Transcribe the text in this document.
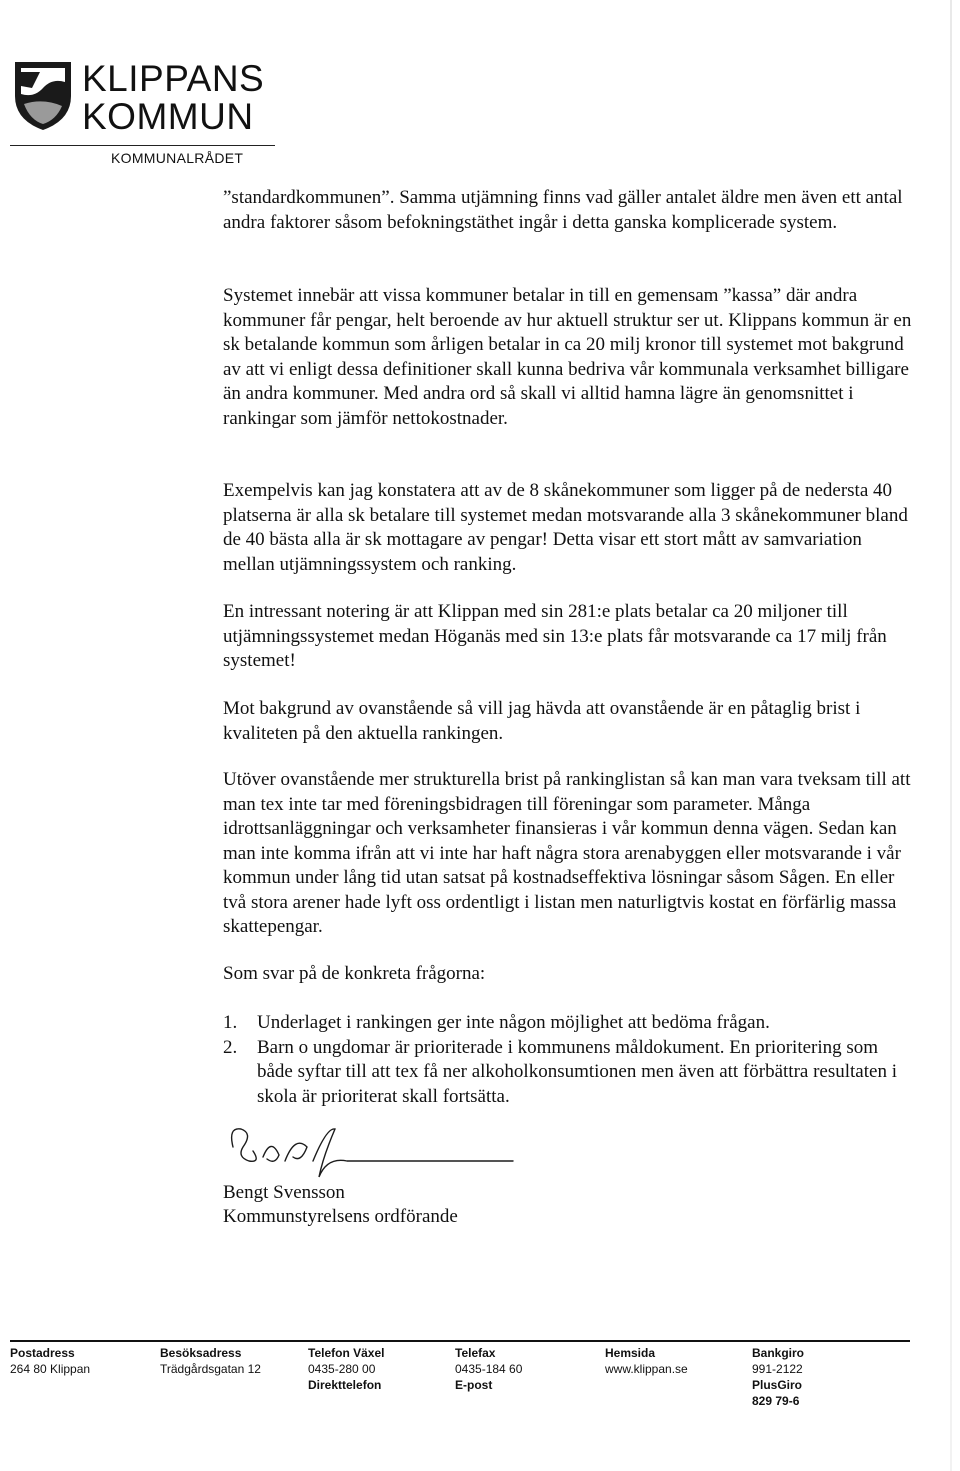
KLIPPANS
KOMMUN
KOMMUNALRÅDET

”standardkommunen”. Samma utjämning finns vad gäller antalet äldre men även ett antal andra faktorer såsom befokningstäthet ingår i detta ganska komplicerade system.

Systemet innebär att vissa kommuner betalar in till en gemensam ”kassa” där andra kommuner får pengar, helt beroende av hur aktuell struktur ser ut. Klippans kommun är en sk betalande kommun som årligen betalar in ca 20 milj kronor till systemet mot bakgrund av att vi enligt dessa definitioner skall kunna bedriva vår kommunala verksamhet billigare än andra kommuner. Med andra ord så skall vi alltid hamna lägre än genomsnittet i rankingar som jämför nettokostnader.

Exempelvis kan jag konstatera att av de 8 skånekommuner som ligger på de nedersta 40 platserna är alla sk betalare till systemet medan motsvarande alla 3 skånekommuner bland de 40 bästa alla är sk mottagare av pengar! Detta visar ett stort mått av samvariation mellan utjämningssystem och ranking.

En intressant notering är att Klippan med sin 281:e plats betalar ca 20 miljoner till utjämningssystemet medan Höganäs med sin 13:e plats får motsvarande ca 17 milj från systemet!

Mot bakgrund av ovanstående så vill jag hävda att ovanstående är en påtaglig brist i kvaliteten på den aktuella rankingen.

Utöver ovanstående mer strukturella brist på rankinglistan så kan man vara tveksam till att man tex inte tar med föreningsbidragen till föreningar som parameter. Många idrottsanläggningar och verksamheter finansieras i vår kommun denna vägen. Sedan kan man inte komma ifrån att vi inte har haft några stora arenabyggen eller motsvarande i vår kommun under lång tid utan satsat på kostnadseffektiva lösningar såsom Sågen. En eller två stora arener hade lyft oss ordentligt i listan men naturligtvis kostat en förfärlig massa skattepengar.

Som svar på de konkreta frågorna:

1. Underlaget i rankingen ger inte någon möjlighet att bedöma frågan.
2. Barn o ungdomar är prioriterade i kommunens måldokument. En prioritering som både syftar till att tex få ner alkoholkonsumtionen men även att förbättra resultaten i skola är prioriterat skall fortsätta.
Bengt Svensson
Kommunstyrelsens ordförande
Postadress
264 80 Klippan
Besöksadress
Trädgårdsgatan 12
Telefon Växel
0435-280 00
Direkttelefon
Telefax
0435-184 60
E-post
Hemsida
www.klippan.se
Bankgiro
991-2122
PlusGiro
829 79-6
